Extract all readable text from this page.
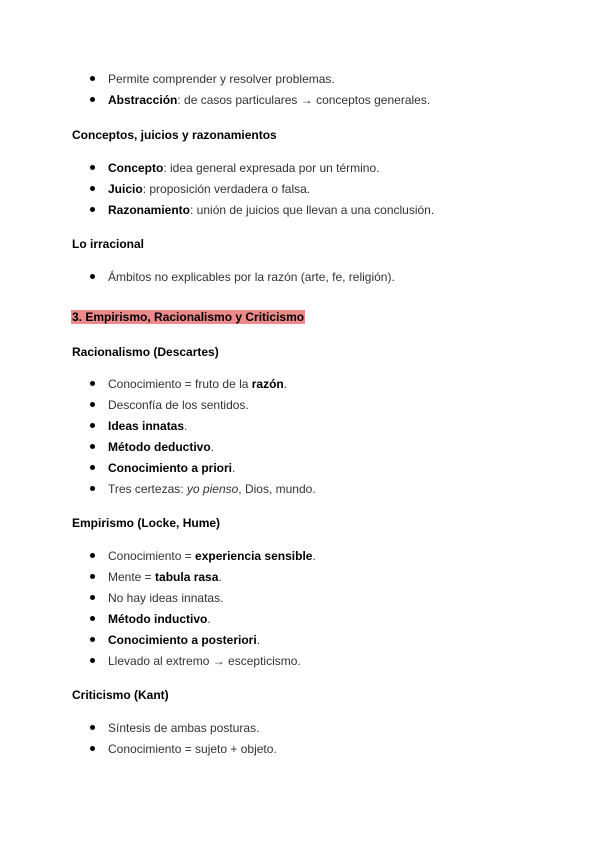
Permite comprender y resolver problemas.
Abstracción: de casos particulares → conceptos generales.
Conceptos, juicios y razonamientos
Concepto: idea general expresada por un término.
Juicio: proposición verdadera o falsa.
Razonamiento: unión de juicios que llevan a una conclusión.
Lo irracional
Ámbitos no explicables por la razón (arte, fe, religión).
3. Empirismo, Racionalismo y Criticismo
Racionalismo (Descartes)
Conocimiento = fruto de la razón.
Desconfía de los sentidos.
Ideas innatas.
Método deductivo.
Conocimiento a priori.
Tres certezas: yo pienso, Dios, mundo.
Empirismo (Locke, Hume)
Conocimiento = experiencia sensible.
Mente = tabula rasa.
No hay ideas innatas.
Método inductivo.
Conocimiento a posteriori.
Llevado al extremo → escepticismo.
Criticismo (Kant)
Síntesis de ambas posturas.
Conocimiento = sujeto + objeto.
